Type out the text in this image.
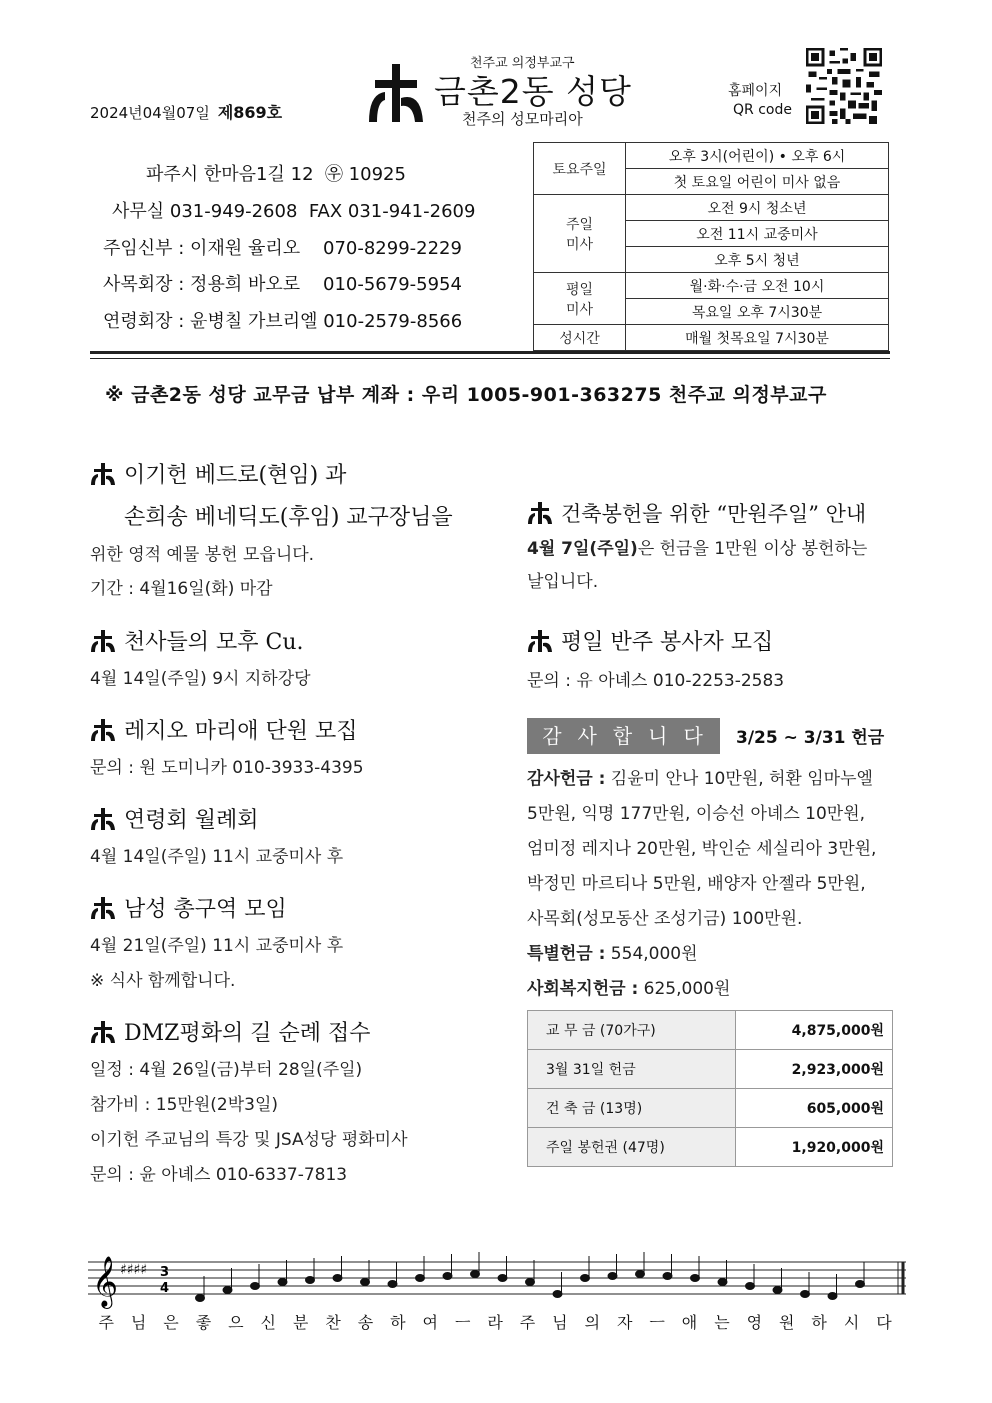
2024년04월07일 제869호
천주교 의정부교구
금촌2동 성당
천주의 성모마리아
홈페이지
QR code
파주시 한마음1길 12  ㉾ 10925
사무실 031-949-2608  FAX 031-941-2609
주임신부 : 이재원 율리오    070-8299-2229
사목회장 : 정용희 바오로    010-5679-5954
연령회장 : 윤병칠 가브리엘 010-2579-8566
토요주일	오후 3시(어린이) • 오후 6시
	첫 토요일 어린이 미사 없음
주일
미사	오전 9시 청소년
	오전 11시 교중미사
	오후 5시 청년
평일
미사	월·화·수·금 오전 10시
	목요일 오후 7시30분
성시간	매월 첫목요일 7시30분
※ 금촌2동 성당 교무금 납부 계좌 : 우리 1005-901-363275 천주교 의정부교구
이기헌 베드로(현임) 과
손희송 베네딕도(후임) 교구장님을
위한 영적 예물 봉헌 모읍니다.
기간 : 4월16일(화) 마감
천사들의 모후 Cu.
4월 14일(주일) 9시 지하강당
레지오 마리애 단원 모집
문의 : 원 도미니카 010-3933-4395
연령회 월례회
4월 14일(주일) 11시 교중미사 후
남성 총구역 모임
4월 21일(주일) 11시 교중미사 후
※ 식사 함께합니다.
DMZ평화의 길 순례 접수
일정 : 4월 26일(금)부터 28일(주일)
참가비 : 15만원(2박3일)
이기헌 주교님의 특강 및 JSA성당 평화미사
문의 : 윤 아녜스 010-6337-7813
건축봉헌을 위한 “만원주일” 안내
4월 7일(주일)은 헌금을 1만원 이상 봉헌하는
날입니다.
평일 반주 봉사자 모집
문의 : 유 아녜스 010-2253-2583
감사합니다 3/25 ~ 3/31 헌금
감사헌금 : 김윤미 안나 10만원, 허환 임마누엘
5만원, 익명 177만원, 이승선 아녜스 10만원,
엄미정 레지나 20만원, 박인순 세실리아 3만원,
박정민 마르티나 5만원, 배양자 안젤라 5만원,
사목회(성모동산 조성기금) 100만원.
특별헌금 : 554,000원
사회복지헌금 : 625,000원
교 무 금 (70가구)	4,875,000원
3월 31일 헌금	2,923,000원
건 축 금 (13명)	605,000원
주일 봉헌권 (47명)	1,920,000원
𝄞 ♯♯♯♯ 3
4
주	님	은	좋	으	신	분	찬	송	하	여	ㅡ	라	주	님	의	자	ㅡ	애	는	영	원	하	시	다
